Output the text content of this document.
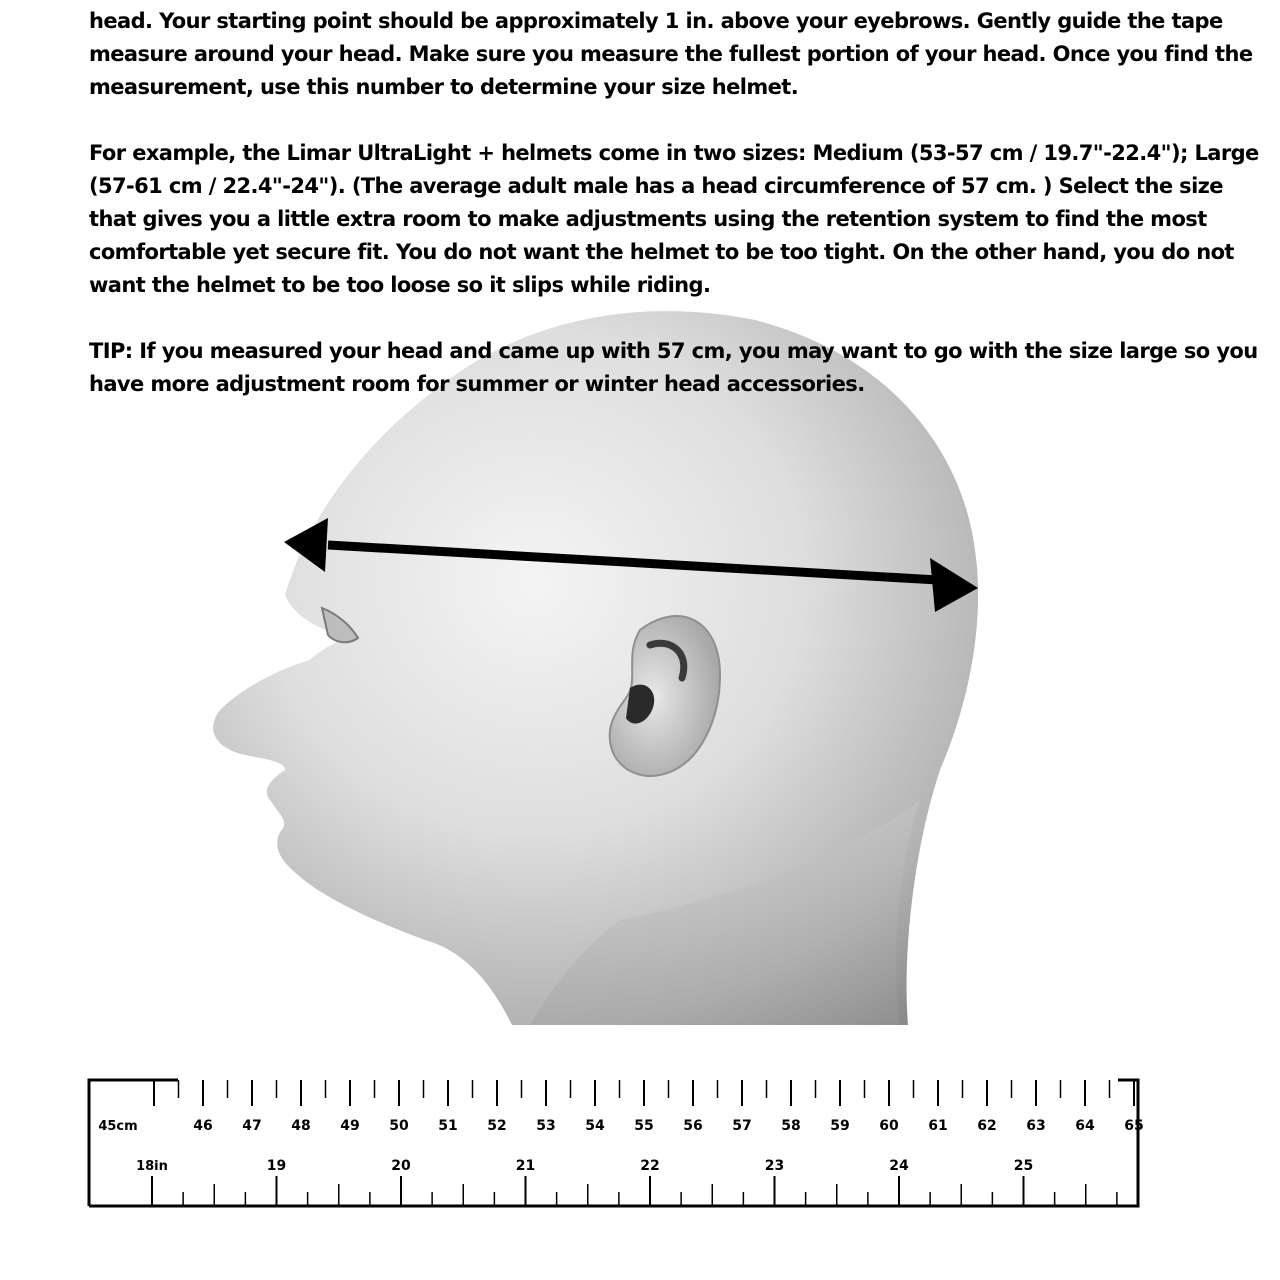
head. Your starting point should be approximately 1 in. above your eyebrows. Gently guide the tape measure around your head. Make sure you measure the fullest portion of your head. Once you find the measurement, use this number to determine your size helmet.

For example, the Limar UltraLight + helmets come in two sizes: Medium (53-57 cm / 19.7"-22.4"); Large (57-61 cm / 22.4"-24"). (The average adult male has a head circumference of 57 cm. ) Select the size that gives you a little extra room to make adjustments using the retention system to find the most comfortable yet secure fit. You do not want the helmet to be too tight. On the other hand, you do not want the helmet to be too loose so it slips while riding.

TIP: If you measured your head and came up with 57 cm, you may want to go with the size large so you have more adjustment room for summer or winter head accessories.

45cm	46 47 48 49 50 51 52 53 54 55 56 57 58 59 60 61 62 63 64 65
18in	19	20	21	22	23	24	25
